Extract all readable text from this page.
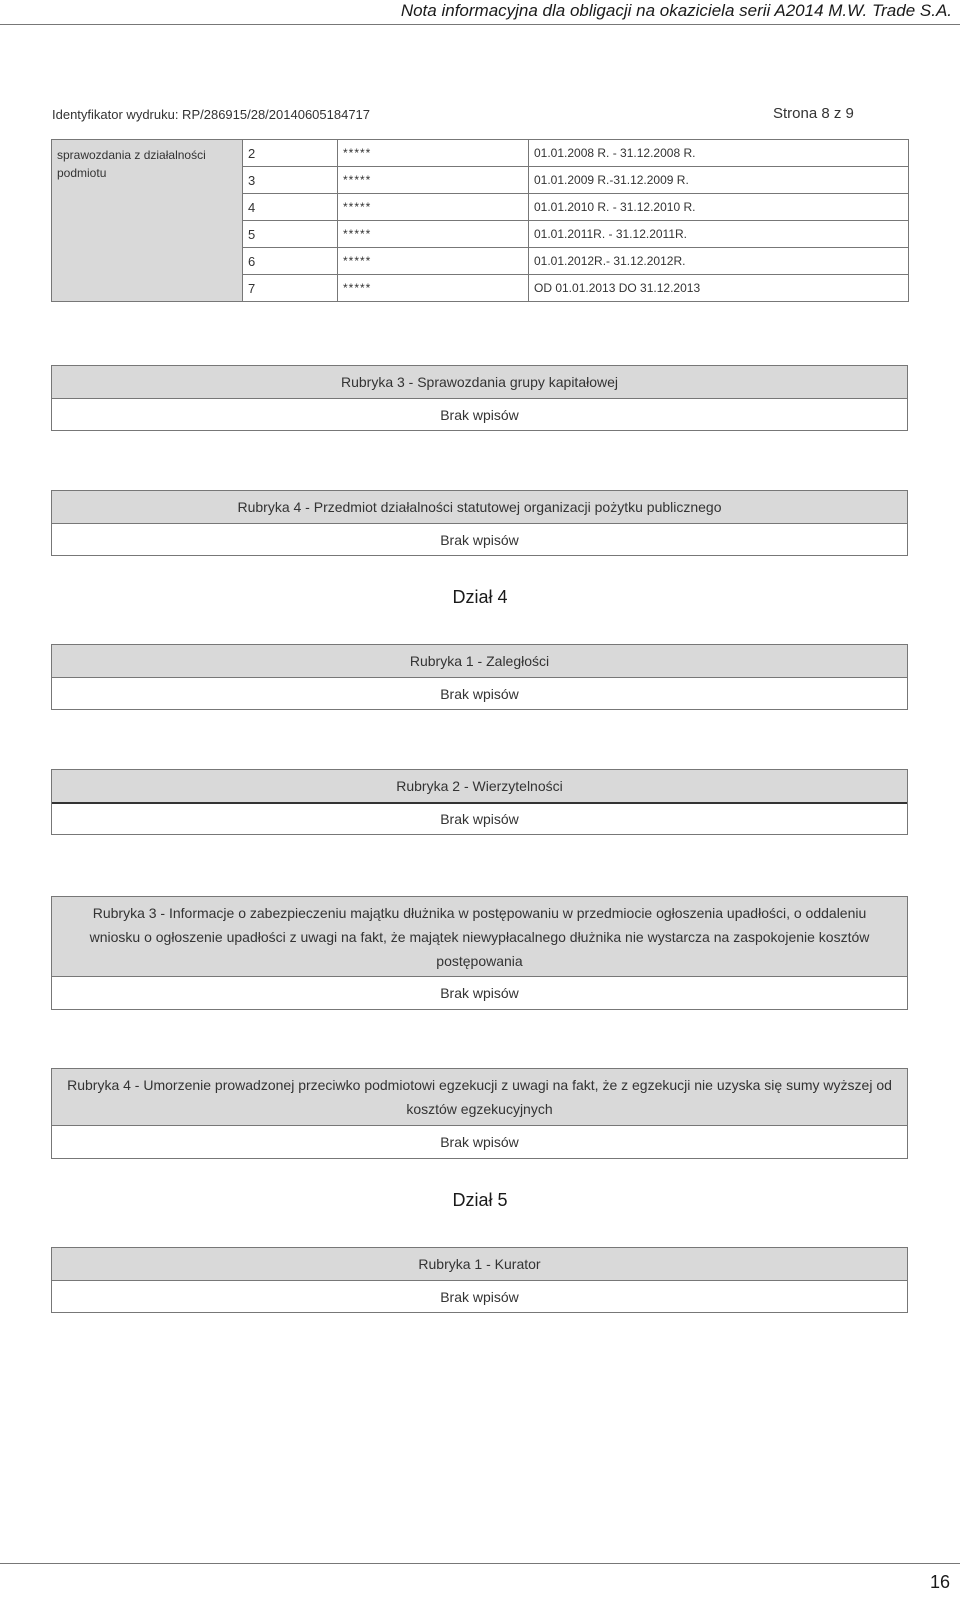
Nota informacyjna dla obligacji na okaziciela serii A2014 M.W. Trade S.A.
Identyfikator wydruku: RP/286915/28/20140605184717	Strona 8 z 9
sprawozdania z działalności podmiotu	2	*****	01.01.2008 R. - 31.12.2008 R.
	3	*****	01.01.2009 R.-31.12.2009 R.
	4	*****	01.01.2010 R. - 31.12.2010 R.
	5	*****	01.01.2011R. - 31.12.2011R.
	6	*****	01.01.2012R.- 31.12.2012R.
	7	*****	OD 01.01.2013 DO 31.12.2013
Rubryka 3 - Sprawozdania grupy kapitałowej
Brak wpisów
Rubryka 4 - Przedmiot działalności statutowej organizacji pożytku publicznego
Brak wpisów
Dział 4
Rubryka 1 - Zaległości
Brak wpisów
Rubryka 2 - Wierzytelności
Brak wpisów
Rubryka 3 - Informacje o zabezpieczeniu majątku dłużnika w postępowaniu w przedmiocie ogłoszenia upadłości, o oddaleniu wniosku o ogłoszenie upadłości z uwagi na fakt, że majątek niewypłacalnego dłużnika nie wystarcza na zaspokojenie kosztów postępowania
Brak wpisów
Rubryka 4 - Umorzenie prowadzonej przeciwko podmiotowi egzekucji z uwagi na fakt, że z egzekucji nie uzyska się sumy wyższej od kosztów egzekucyjnych
Brak wpisów
Dział 5
Rubryka 1 - Kurator
Brak wpisów
16
